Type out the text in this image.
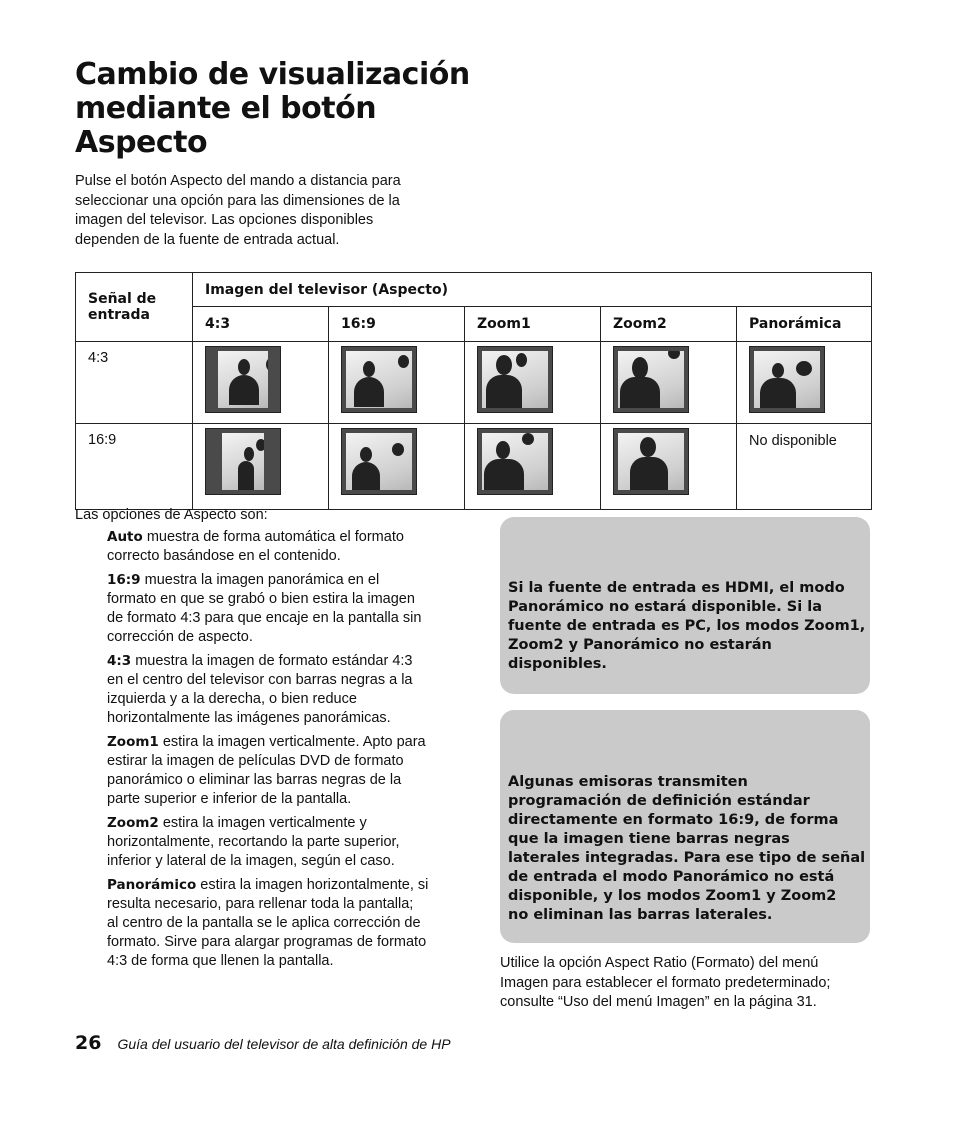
Cambio de visualización
mediante el botón
Aspecto
Pulse el botón Aspecto del mando a distancia para
seleccionar una opción para las dimensiones de la
imagen del televisor. Las opciones disponibles
dependen de la fuente de entrada actual.
Señal de entrada	Imagen del televisor (Aspecto)				
	4:3	16:9	Zoom1	Zoom2	Panorámica
4:3	

16:9					No disponible
Las opciones de Aspecto son:
Auto muestra de forma automática el formato
correcto basándose en el contenido.
16:9 muestra la imagen panorámica en el
formato en que se grabó o bien estira la imagen
de formato 4:3 para que encaje en la pantalla sin
corrección de aspecto.
4:3 muestra la imagen de formato estándar 4:3
en el centro del televisor con barras negras a la
izquierda y a la derecha, o bien reduce
horizontalmente las imágenes panorámicas.
Zoom1 estira la imagen verticalmente. Apto para
estirar la imagen de películas DVD de formato
panorámico o eliminar las barras negras de la
parte superior e inferior de la pantalla.
Zoom2 estira la imagen verticalmente y
horizontalmente, recortando la parte superior,
inferior y lateral de la imagen, según el caso.
Panorámico estira la imagen horizontalmente, si
resulta necesario, para rellenar toda la pantalla;
al centro de la pantalla se le aplica corrección de
formato. Sirve para alargar programas de formato
4:3 de forma que llenen la pantalla.
Si la fuente de entrada es HDMI, el modo
Panorámico no estará disponible. Si la
fuente de entrada es PC, los modos Zoom1,
Zoom2 y Panorámico no estarán
disponibles.
Algunas emisoras transmiten
programación de definición estándar
directamente en formato 16:9, de forma
que la imagen tiene barras negras
laterales integradas. Para ese tipo de señal
de entrada el modo Panorámico no está
disponible, y los modos Zoom1 y Zoom2
no eliminan las barras laterales.
Utilice la opción Aspect Ratio (Formato) del menú
Imagen para establecer el formato predeterminado;
consulte “Uso del menú Imagen” en la página 31.
26 Guía del usuario del televisor de alta definición de HP
